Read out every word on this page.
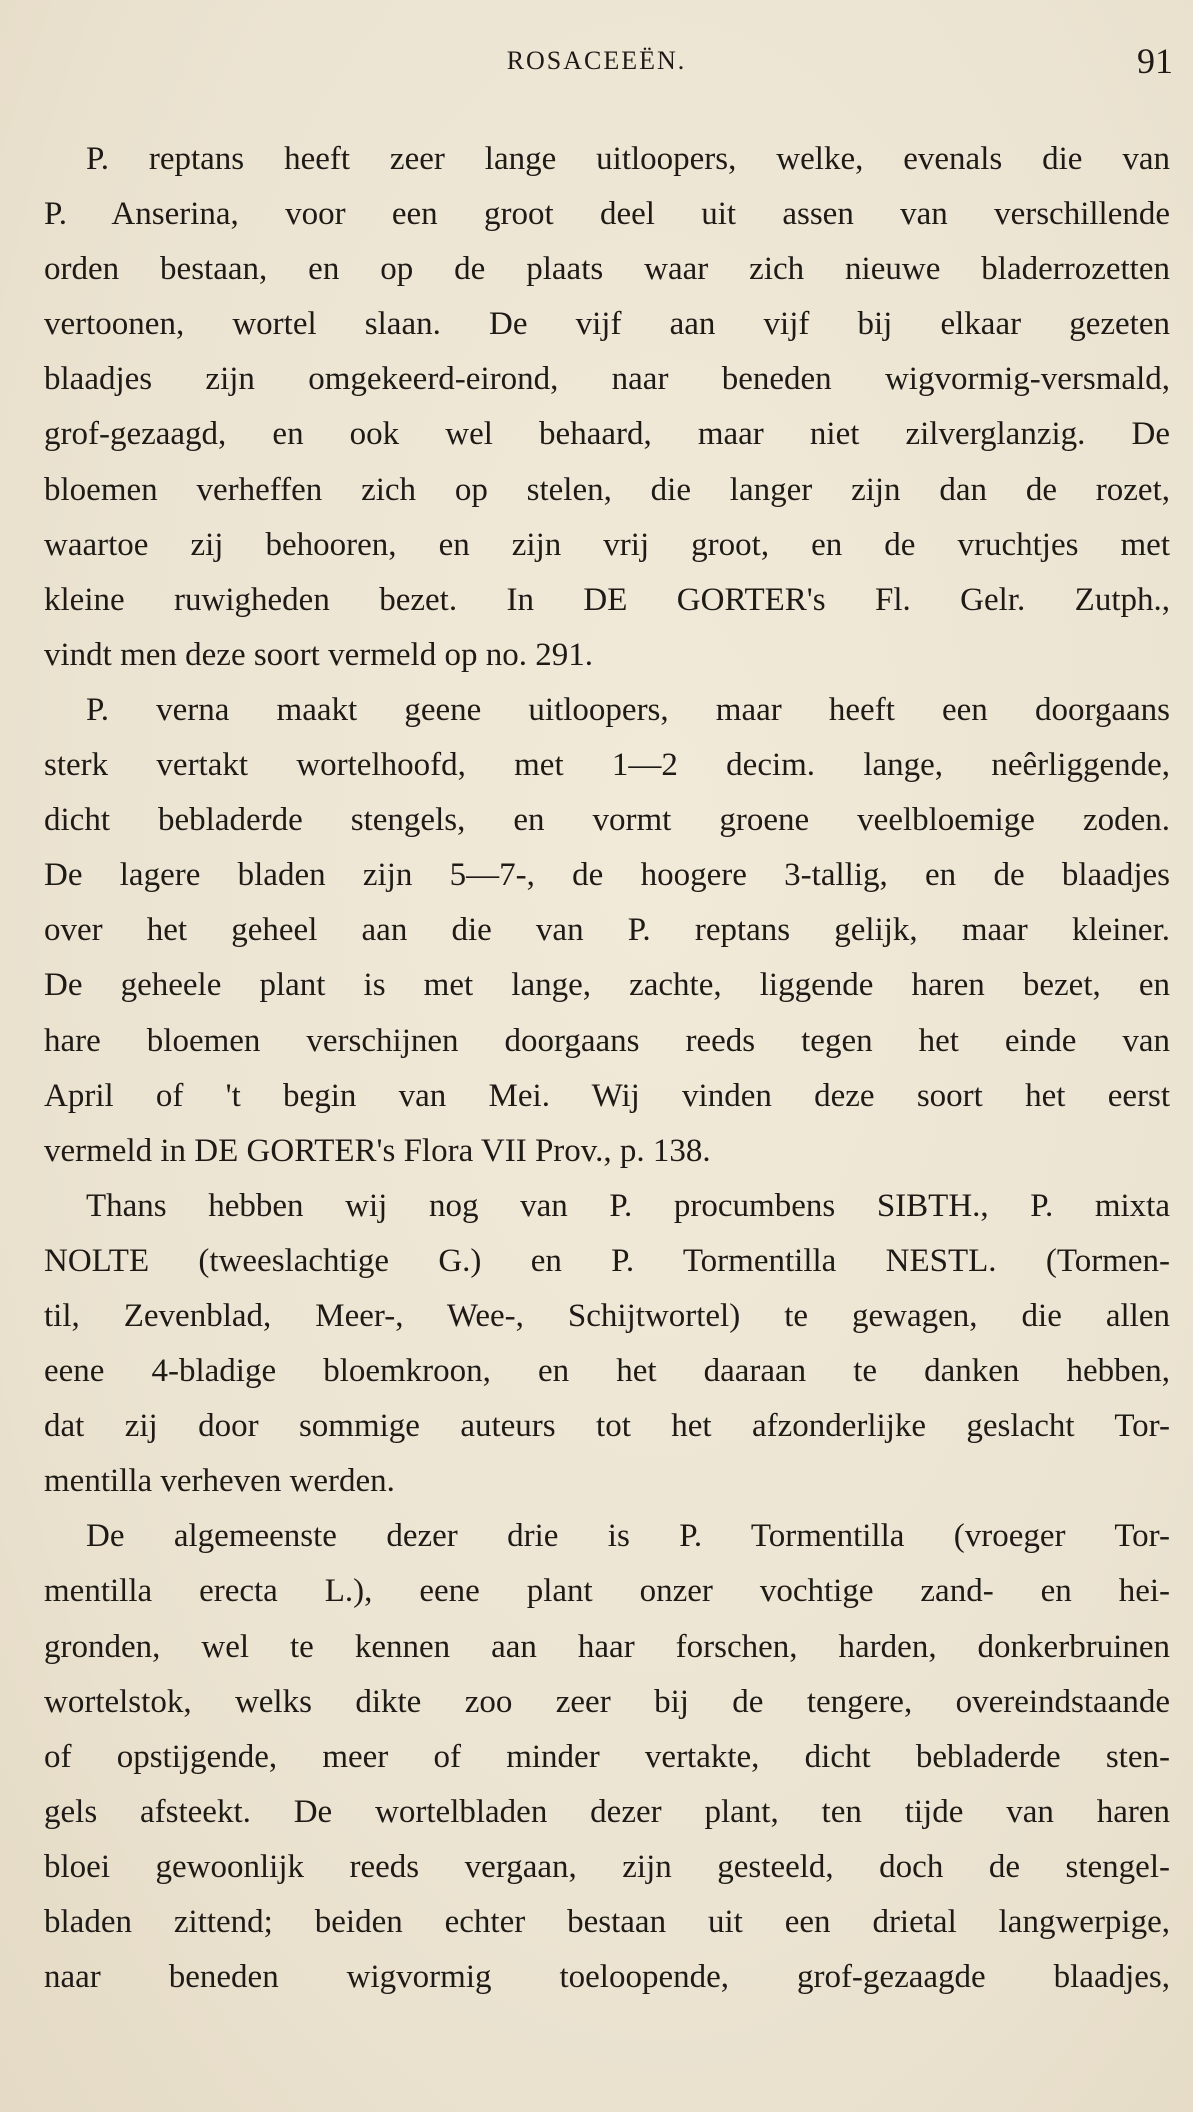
ROSACEEËN.	91
P. reptans heeft zeer lange uitloopers, welke, evenals die van
P. Anserina, voor een groot deel uit assen van verschillende
orden bestaan, en op de plaats waar zich nieuwe bladerrozetten
vertoonen, wortel slaan. De vijf aan vijf bij elkaar gezeten
blaadjes zijn omgekeerd-eirond, naar beneden wigvormig-versmald,
grof-gezaagd, en ook wel behaard, maar niet zilverglanzig. De
bloemen verheffen zich op stelen, die langer zijn dan de rozet,
waartoe zij behooren, en zijn vrij groot, en de vruchtjes met
kleine ruwigheden bezet. In DE GORTER's Fl. Gelr. Zutph.,
vindt men deze soort vermeld op no. 291.
P. verna maakt geene uitloopers, maar heeft een doorgaans
sterk vertakt wortelhoofd, met 1—2 decim. lange, neêrliggende,
dicht bebladerde stengels, en vormt groene veelbloemige zoden.
De lagere bladen zijn 5—7-, de hoogere 3-tallig, en de blaadjes
over het geheel aan die van P. reptans gelijk, maar kleiner.
De geheele plant is met lange, zachte, liggende haren bezet, en
hare bloemen verschijnen doorgaans reeds tegen het einde van
April of 't begin van Mei. Wij vinden deze soort het eerst
vermeld in DE GORTER's Flora VII Prov., p. 138.
Thans hebben wij nog van P. procumbens SIBTH., P. mixta
NOLTE (tweeslachtige G.) en P. Tormentilla NESTL. (Tormen-
til, Zevenblad, Meer-, Wee-, Schijtwortel) te gewagen, die allen
eene 4-bladige bloemkroon, en het daaraan te danken hebben,
dat zij door sommige auteurs tot het afzonderlijke geslacht Tor-
mentilla verheven werden.
De algemeenste dezer drie is P. Tormentilla (vroeger Tor-
mentilla erecta L.), eene plant onzer vochtige zand- en hei-
gronden, wel te kennen aan haar forschen, harden, donkerbruinen
wortelstok, welks dikte zoo zeer bij de tengere, overeindstaande
of opstijgende, meer of minder vertakte, dicht bebladerde sten-
gels afsteekt. De wortelbladen dezer plant, ten tijde van haren
bloei gewoonlijk reeds vergaan, zijn gesteeld, doch de stengel-
bladen zittend; beiden echter bestaan uit een drietal langwerpige,
naar beneden wigvormig toeloopende, grof-gezaagde blaadjes,
